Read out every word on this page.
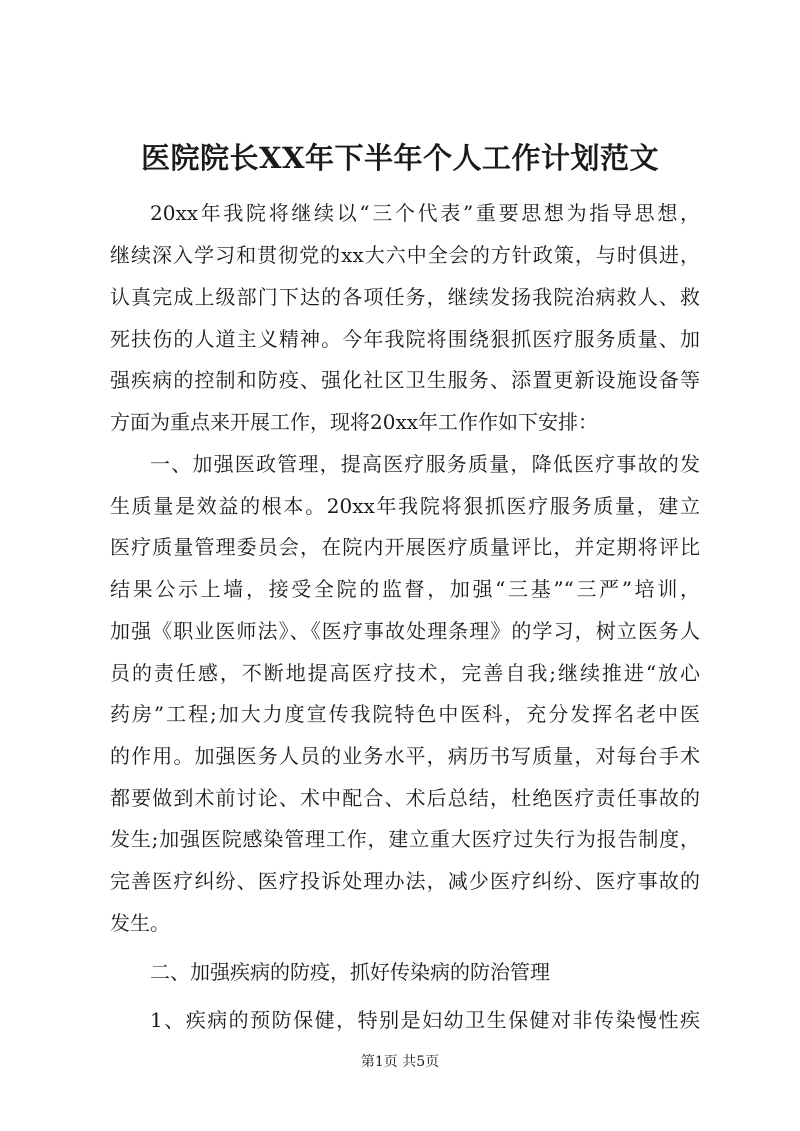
医院院长XX年下半年个人工作计划范文
20xx年我院将继续以“三个代表”重要思想为指导思想，
继续深入学习和贯彻党的xx大六中全会的方针政策，与时俱进，
认真完成上级部门下达的各项任务，继续发扬我院治病救人、救
死扶伤的人道主义精神。今年我院将围绕狠抓医疗服务质量、加
强疾病的控制和防疫、强化社区卫生服务、添置更新设施设备等
方面为重点来开展工作，现将20xx年工作作如下安排：
一、加强医政管理，提高医疗服务质量，降低医疗事故的发
生质量是效益的根本。20xx年我院将狠抓医疗服务质量，建立
医疗质量管理委员会，在院内开展医疗质量评比，并定期将评比
结果公示上墙，接受全院的监督，加强“三基”“三严”培训，
加强《职业医师法》、《医疗事故处理条理》的学习，树立医务人
员的责任感，不断地提高医疗技术，完善自我;继续推进“放心
药房”工程;加大力度宣传我院特色中医科，充分发挥名老中医
的作用。加强医务人员的业务水平，病历书写质量，对每台手术
都要做到术前讨论、术中配合、术后总结，杜绝医疗责任事故的
发生;加强医院感染管理工作，建立重大医疗过失行为报告制度，
完善医疗纠纷、医疗投诉处理办法，减少医疗纠纷、医疗事故的
发生。
二、加强疾病的防疫，抓好传染病的防治管理
1、疾病的预防保健，特别是妇幼卫生保健对非传染慢性疾
第1页 共5页
